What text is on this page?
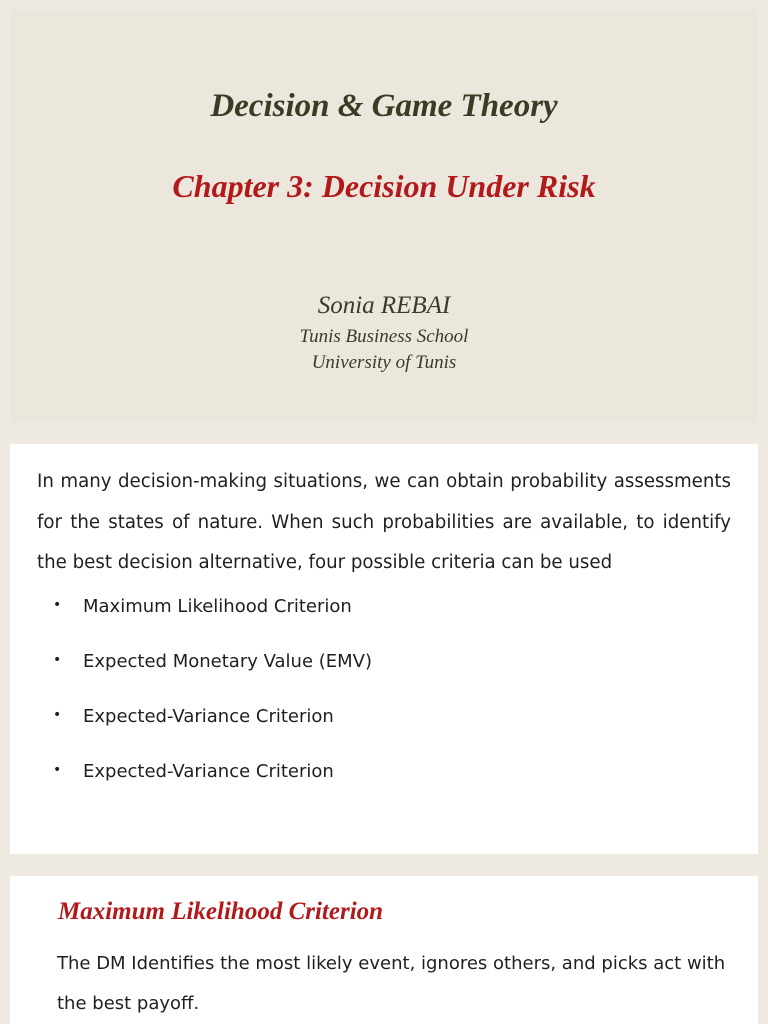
Decision & Game Theory
Chapter 3: Decision Under Risk

Sonia REBAI

Tunis Business School

University of Tunis

In many decision-making situations, we can obtain probability assessments for the states of nature. When such probabilities are available, to identify the best decision alternative, four possible criteria can be used

• Maximum Likelihood Criterion
• Expected Monetary Value (EMV)
• Expected-Variance Criterion
• Expected-Variance Criterion
Maximum Likelihood Criterion

The DM Identifies the most likely event, ignores others, and picks act with the best payoff.
